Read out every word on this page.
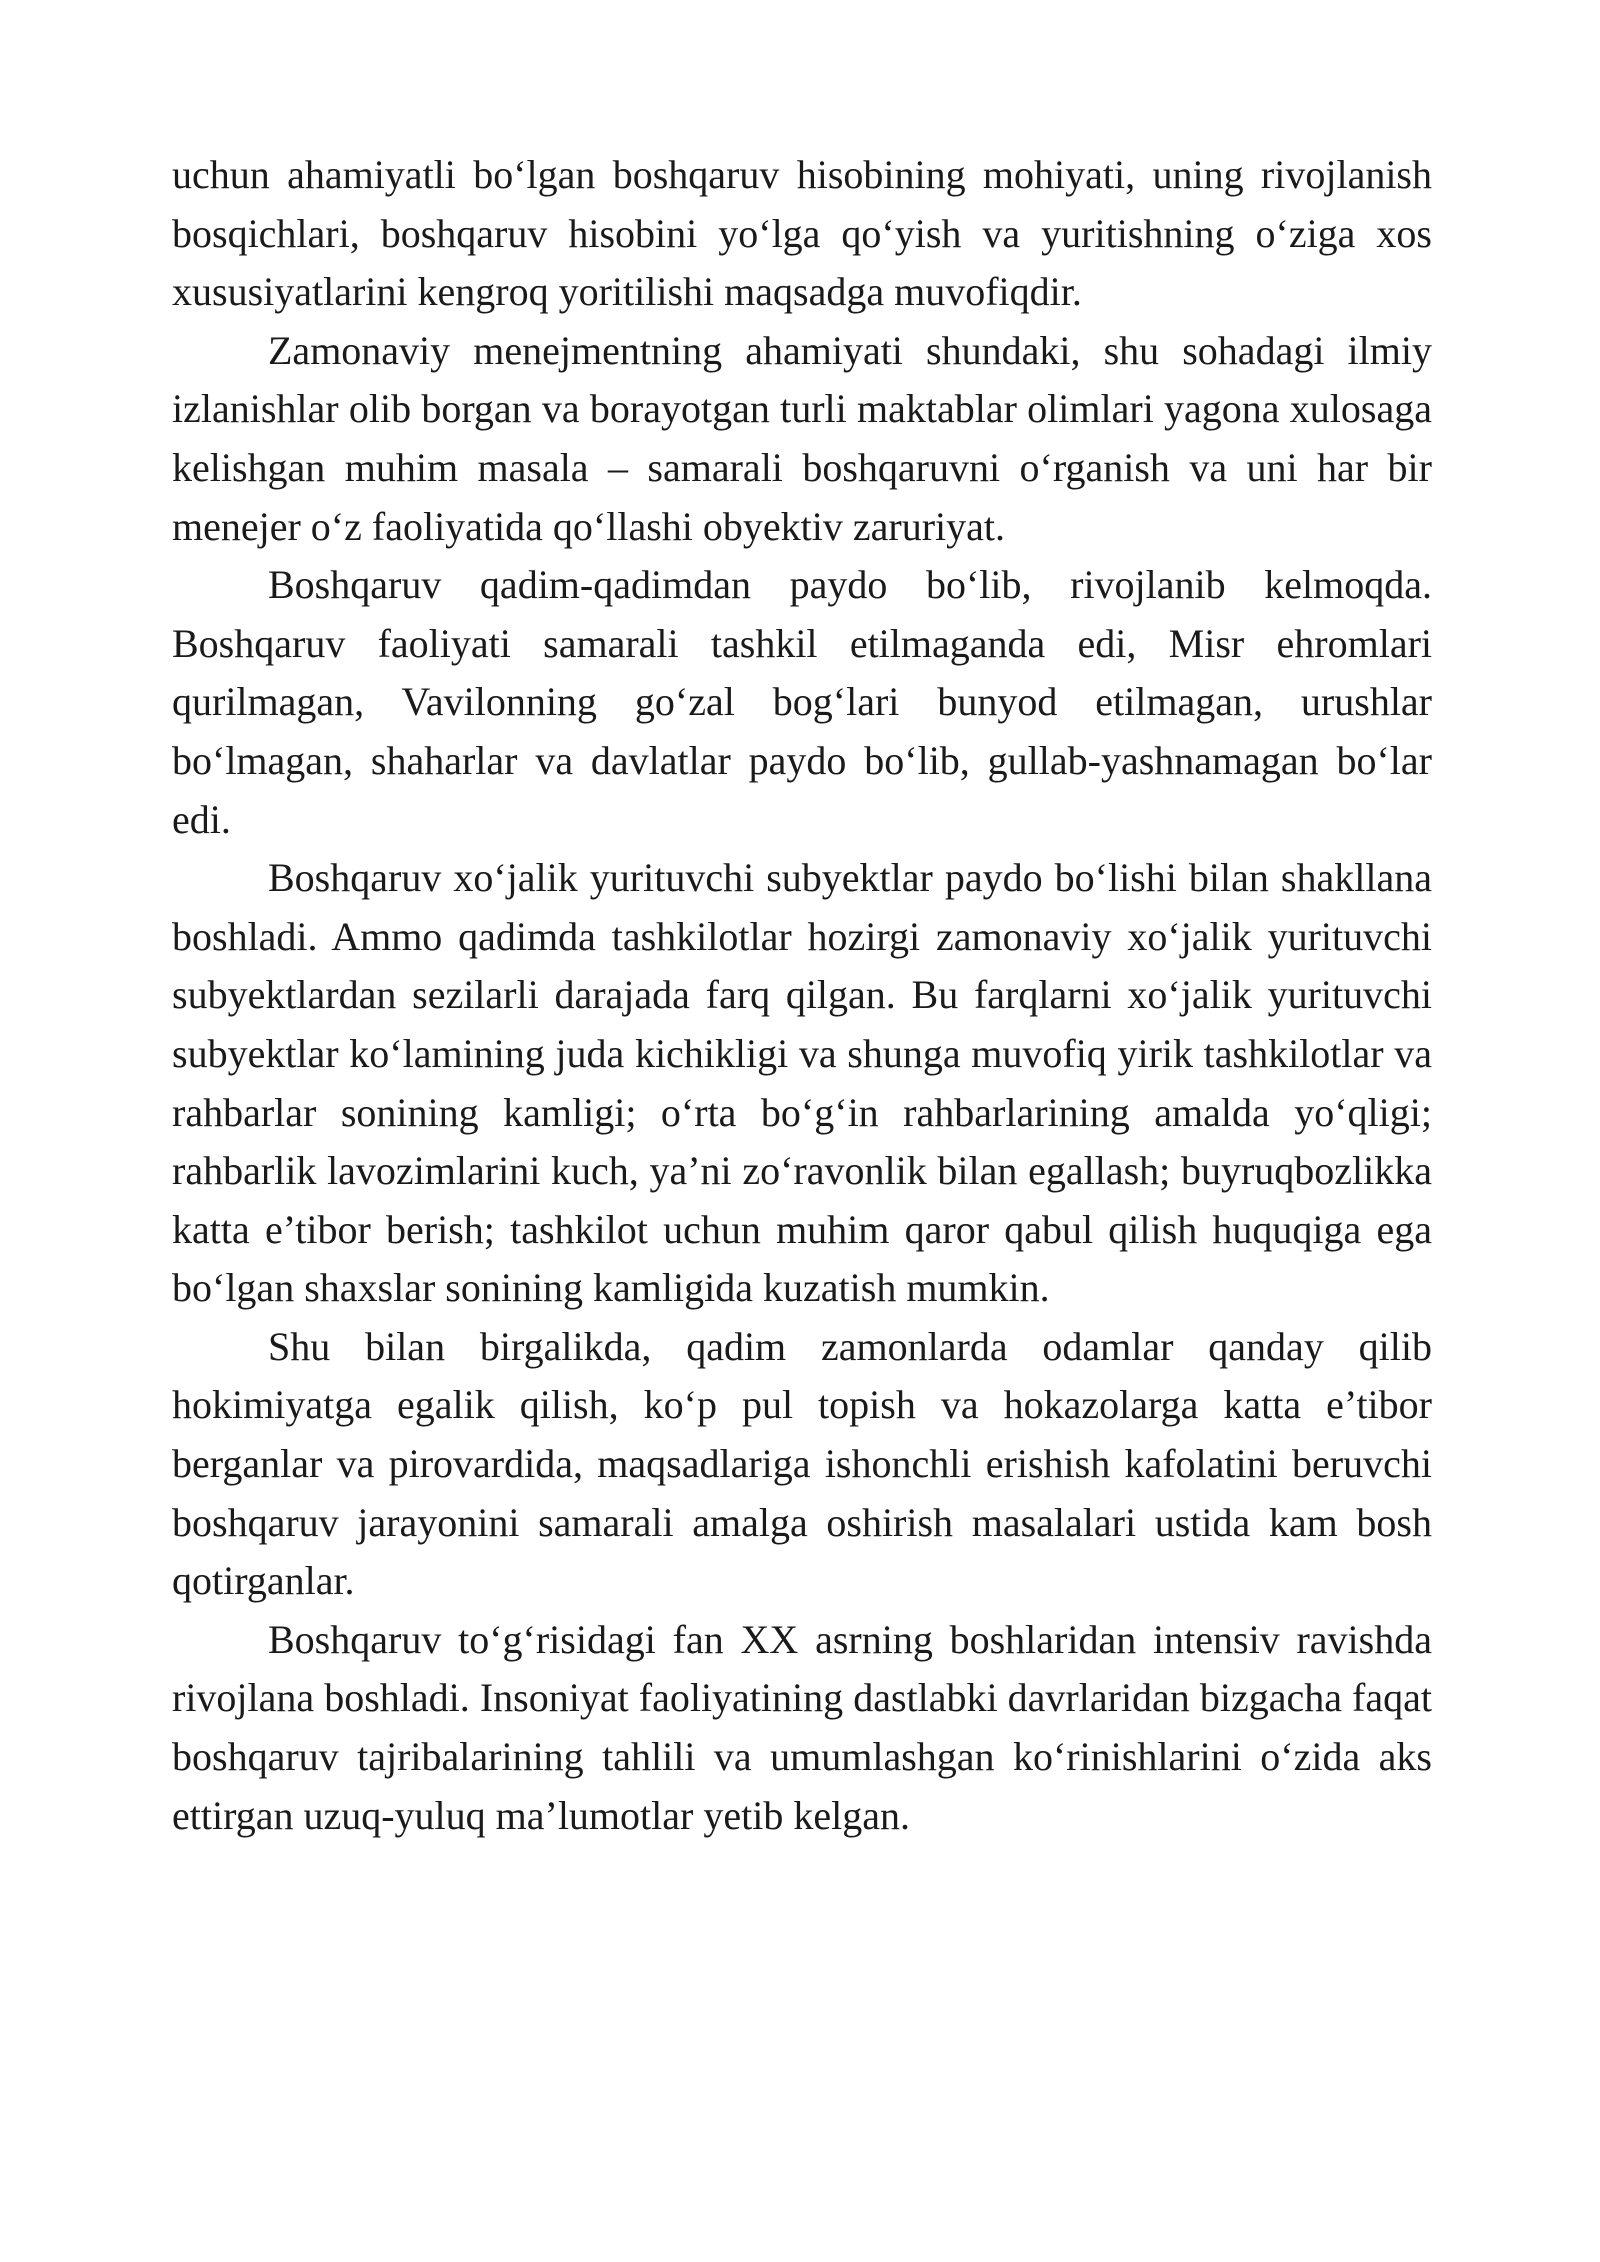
uchun ahamiyatli bo‘lgan boshqaruv hisobining mohiyati, uning rivojlanish bosqichlari, boshqaruv hisobini yo‘lga qo‘yish va yuritishning o‘ziga xos xususiyatlarini kengroq yoritilishi maqsadga muvofiqdir.

Zamonaviy menejmentning ahamiyati shundaki, shu sohadagi ilmiy izlanishlar olib borgan va borayotgan turli maktablar olimlari yagona xulosaga kelishgan muhim masala – samarali boshqaruvni o‘rganish va uni har bir menejer o‘z faoliyatida qo‘llashi obyektiv zaruriyat.

Boshqaruv qadim-qadimdan paydo bo‘lib, rivojlanib kelmoqda. Boshqaruv faoliyati samarali tashkil etilmaganda edi, Misr ehromlari qurilmagan, Vavilonning go‘zal bog‘lari bunyod etilmagan, urushlar bo‘lmagan, shaharlar va davlatlar paydo bo‘lib, gullab-yashnamagan bo‘lar edi.

Boshqaruv xo‘jalik yurituvchi subyektlar paydo bo‘lishi bilan shakllana boshladi. Ammo qadimda tashkilotlar hozirgi zamonaviy xo‘jalik yurituvchi subyektlardan sezilarli darajada farq qilgan. Bu farqlarni xo‘jalik yurituvchi subyektlar ko‘lamining juda kichikligi va shunga muvofiq yirik tashkilotlar va rahbarlar sonining kamligi; o‘rta bo‘g‘in rahbarlarining amalda yo‘qligi; rahbarlik lavozimlarini kuch, ya’ni zo‘ravonlik bilan egallash; buyruqbozlikka katta e’tibor berish; tashkilot uchun muhim qaror qabul qilish huquqiga ega bo‘lgan shaxslar sonining kamligida kuzatish mumkin.

Shu bilan birgalikda, qadim zamonlarda odamlar qanday qilib hokimiyatga egalik qilish, ko‘p pul topish va hokazolarga katta e’tibor berganlar va pirovardida, maqsadlariga ishonchli erishish kafolatini beruvchi boshqaruv jarayonini samarali amalga oshirish masalalari ustida kam bosh qotirganlar.

Boshqaruv to‘g‘risidagi fan XX asrning boshlaridan intensiv ravishda rivojlana boshladi. Insoniyat faoliyatining dastlabki davrlaridan bizgacha faqat boshqaruv tajribalarining tahlili va umumlashgan ko‘rinishlarini o‘zida aks ettirgan uzuq-yuluq ma’lumotlar yetib kelgan.
